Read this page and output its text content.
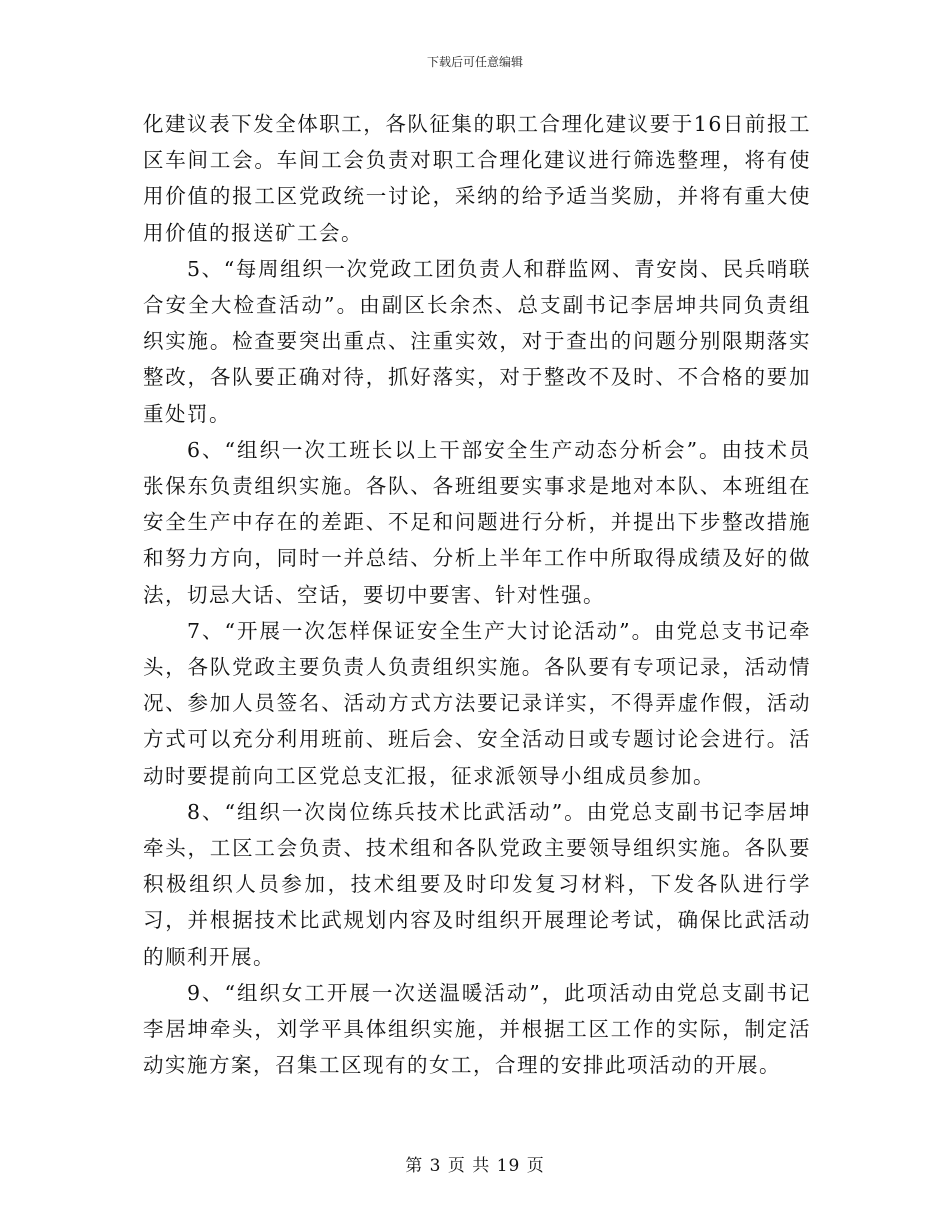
下载后可任意编辑

化建议表下发全体职工，各队征集的职工合理化建议要于16日前报工区车间工会。车间工会负责对职工合理化建议进行筛选整理，将有使用价值的报工区党政统一讨论，采纳的给予适当奖励，并将有重大使用价值的报送矿工会。

5、“每周组织一次党政工团负责人和群监网、青安岗、民兵哨联合安全大检查活动”。由副区长余杰、总支副书记李居坤共同负责组织实施。检查要突出重点、注重实效，对于查出的问题分别限期落实整改，各队要正确对待，抓好落实，对于整改不及时、不合格的要加重处罚。

6、“组织一次工班长以上干部安全生产动态分析会”。由技术员张保东负责组织实施。各队、各班组要实事求是地对本队、本班组在安全生产中存在的差距、不足和问题进行分析，并提出下步整改措施和努力方向，同时一并总结、分析上半年工作中所取得成绩及好的做法，切忌大话、空话，要切中要害、针对性强。

7、“开展一次怎样保证安全生产大讨论活动”。由党总支书记牵头，各队党政主要负责人负责组织实施。各队要有专项记录，活动情况、参加人员签名、活动方式方法要记录详实，不得弄虚作假，活动方式可以充分利用班前、班后会、安全活动日或专题讨论会进行。活动时要提前向工区党总支汇报，征求派领导小组成员参加。

8、“组织一次岗位练兵技术比武活动”。由党总支副书记李居坤牵头，工区工会负责、技术组和各队党政主要领导组织实施。各队要积极组织人员参加，技术组要及时印发复习材料，下发各队进行学习，并根据技术比武规划内容及时组织开展理论考试，确保比武活动的顺利开展。

9、“组织女工开展一次送温暖活动”，此项活动由党总支副书记李居坤牵头，刘学平具体组织实施，并根据工区工作的实际，制定活动实施方案，召集工区现有的女工，合理的安排此项活动的开展。

第 3 页 共 19 页
